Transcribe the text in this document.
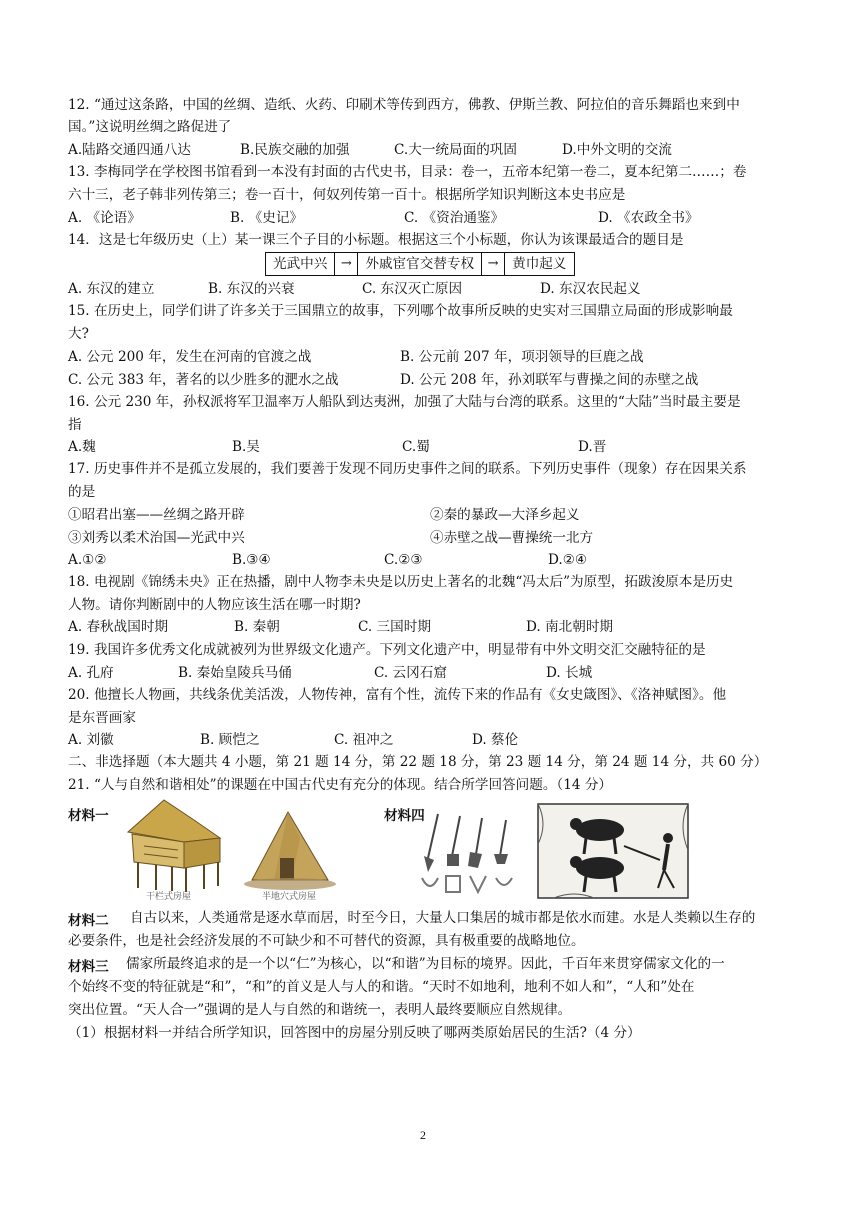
12. “通过这条路，中国的丝绸、造纸、火药、印刷术等传到西方，佛教、伊斯兰教、阿拉伯的音乐舞蹈也来到中
国。”这说明丝绸之路促进了
A.陆路交通四通八达	B.民族交融的加强	C.大一统局面的巩固	D.中外文明的交流
13. 李梅同学在学校图书馆看到一本没有封面的古代史书，目录：卷一，五帝本纪第一卷二，夏本纪第二……；卷
六十三，老子韩非列传第三；卷一百十，何奴列传第一百十。根据所学知识判断这本史书应是
A. 《论语》	B. 《史记》	C. 《资治通鉴》	D. 《农政全书》
14．这是七年级历史（上）某一课三个子目的小标题。根据这三个小标题，你认为该课最适合的题目是
光武中兴	→ 外戚宦官交替专权	→ 黄巾起义
A. 东汉的建立	B. 东汉的兴衰	C. 东汉灭亡原因	D. 东汉农民起义
15. 在历史上，同学们讲了许多关于三国鼎立的故事，下列哪个故事所反映的史实对三国鼎立局面的形成影响最
大?
A. 公元 200 年，发生在河南的官渡之战	B. 公元前 207 年，项羽领导的巨鹿之战
C. 公元 383 年，著名的以少胜多的淝水之战	D. 公元 208 年，孙刘联军与曹操之间的赤壁之战
16. 公元 230 年，孙权派将军卫温率万人船队到达夷洲，加强了大陆与台湾的联系。这里的“大陆”当时最主要是
指
A.魏	B.吴	C.蜀	D.晋
17. 历史事件并不是孤立发展的，我们要善于发现不同历史事件之间的联系。下列历史事件（现象）存在因果关系
的是
①昭君出塞——丝绸之路开辟	②秦的暴政—大泽乡起义
③刘秀以柔术治国—光武中兴	④赤壁之战—曹操统一北方
A.①②	B.③④	C.②③	D.②④
18. 电视剧《锦绣未央》正在热播，剧中人物李未央是以历史上著名的北魏“冯太后”为原型，拓跋浚原本是历史
人物。请你判断剧中的人物应该生活在哪一时期?
A. 春秋战国时期	B. 秦朝	C. 三国时期	D. 南北朝时期
19. 我国许多优秀文化成就被列为世界级文化遗产。下列文化遗产中，明显带有中外文明交汇交融特征的是
A. 孔府	B. 秦始皇陵兵马俑	C. 云冈石窟	D. 长城
20. 他擅长人物画，共线条优美活泼，人物传神，富有个性，流传下来的作品有《女史箴图》、《洛神赋图》。他
是东晋画家
A. 刘徽	B. 顾恺之	C. 祖冲之	D. 蔡伦
二、非选择题（本大题共 4 小题，第 21 题 14 分，第 22 题 18 分，第 23 题 14 分，第 24 题 14 分，共 60 分）
21. “人与自然和谐相处”的课题在中国古代史有充分的体现。结合所学回答问题。（14 分）
材料一	材料四
干栏式房屋	半地穴式房屋
材料二 自古以来，人类通常是逐水草而居，时至今日，大量人口集居的城市都是依水而建。水是人类赖以生存的
必要条件，也是社会经济发展的不可缺少和不可替代的资源，具有极重要的战略地位。
材料三 儒家所最终追求的是一个以“仁”为核心，以“和谐”为目标的境界。因此，千百年来贯穿儒家文化的一
个始终不变的特征就是“和”，“和”的首义是人与人的和谐。“天时不如地利，地利不如人和”，“人和”处在
突出位置。“天人合一”强调的是人与自然的和谐统一，表明人最终要顺应自然规律。
（1）根据材料一并结合所学知识，回答图中的房屋分别反映了哪两类原始居民的生活?（4 分）
2
